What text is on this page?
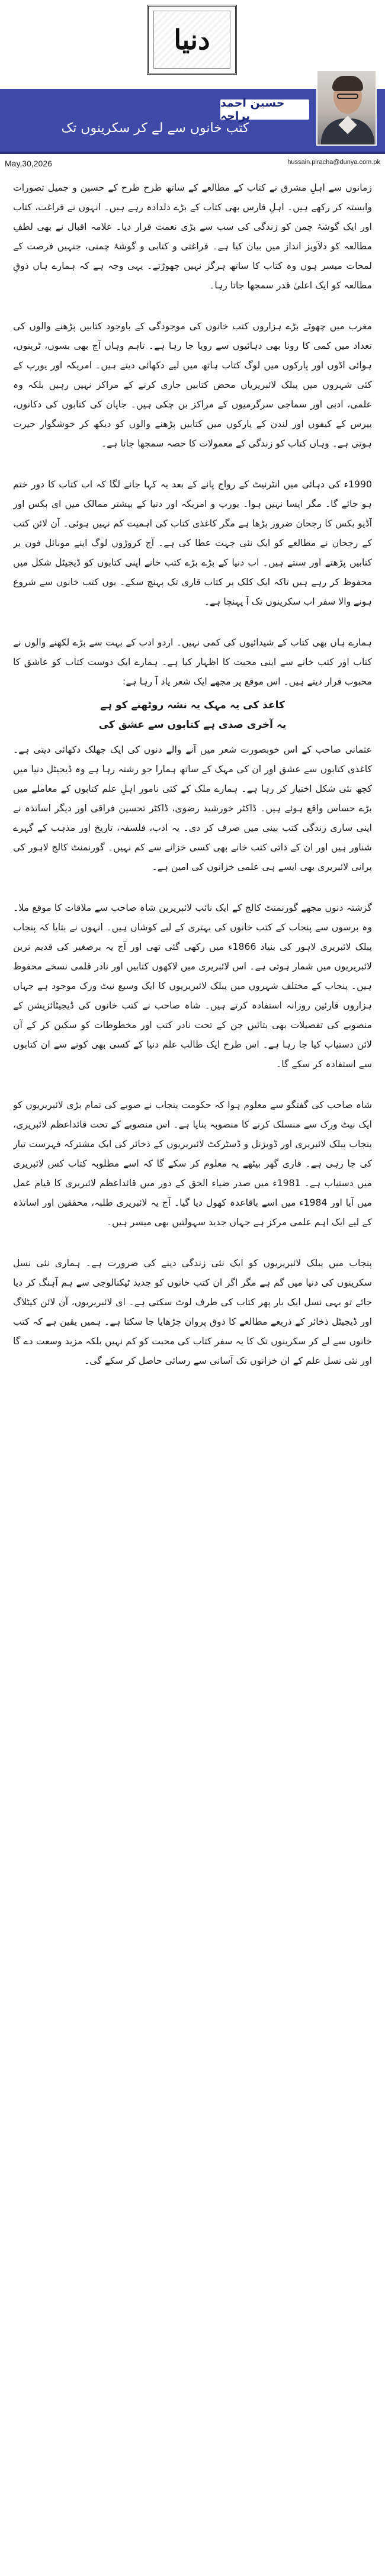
دنیا
حسین احمد پراچہ
کتب خانوں سے لے کر سکرینوں تک
May,30,2026	hussain.piracha@dunya.com.pk

زمانوں سے اہلِ مشرق نے کتاب کے مطالعے کے ساتھ طرح طرح کے حسین و جمیل تصورات وابستہ کر رکھے ہیں۔ اہلِ فارس بھی کتاب کے بڑے دلدادہ رہے ہیں۔ انہوں نے فراغت، کتاب اور ایک گوشۂ چمن کو زندگی کی سب سے بڑی نعمت قرار دیا۔ علامہ اقبال نے بھی لطفِ مطالعہ کو دلآویز انداز میں بیان کیا ہے۔ فراغتی و کتابی و گوشۂ چمنی، جنہیں فرصت کے لمحات میسر ہوں وہ کتاب کا ساتھ ہرگز نہیں چھوڑتے۔ یہی وجہ ہے کہ ہمارے ہاں ذوقِ مطالعہ کو ایک اعلیٰ قدر سمجھا جاتا رہا۔

مغرب میں چھوٹے بڑے ہزاروں کتب خانوں کی موجودگی کے باوجود کتابیں پڑھنے والوں کی تعداد میں کمی کا رونا بھی دہائیوں سے رویا جا رہا ہے۔ تاہم وہاں آج بھی بسوں، ٹرینوں، ہوائی اڈوں اور پارکوں میں لوگ کتاب ہاتھ میں لیے دکھائی دیتے ہیں۔ امریکہ اور یورپ کے کئی شہروں میں پبلک لائبریریاں محض کتابیں جاری کرنے کے مراکز نہیں رہیں بلکہ وہ علمی، ادبی اور سماجی سرگرمیوں کے مراکز بن چکی ہیں۔ جاپان کی کتابوں کی دکانوں، پیرس کے کیفوں اور لندن کے پارکوں میں کتابیں پڑھنے والوں کو دیکھ کر خوشگوار حیرت ہوتی ہے۔ وہاں کتاب کو زندگی کے معمولات کا حصہ سمجھا جاتا ہے۔

1990ء کی دہائی میں انٹرنیٹ کے رواج پانے کے بعد یہ کہا جانے لگا کہ اب کتاب کا دور ختم ہو جائے گا۔ مگر ایسا نہیں ہوا۔ یورپ و امریکہ اور دنیا کے بیشتر ممالک میں ای بکس اور آڈیو بکس کا رجحان ضرور بڑھا ہے مگر کاغذی کتاب کی اہمیت کم نہیں ہوئی۔ آن لائن کتب کے رجحان نے مطالعے کو ایک نئی جہت عطا کی ہے۔ آج کروڑوں لوگ اپنے موبائل فون پر کتابیں پڑھتے اور سنتے ہیں۔ اب دنیا کے بڑے بڑے کتب خانے اپنی کتابوں کو ڈیجیٹل شکل میں محفوظ کر رہے ہیں تاکہ ایک کلک پر کتاب قاری تک پہنچ سکے۔ یوں کتب خانوں سے شروع ہونے والا سفر اب سکرینوں تک آ پہنچا ہے۔

ہمارے ہاں بھی کتاب کے شیدائیوں کی کمی نہیں۔ اردو ادب کے بہت سے بڑے لکھنے والوں نے کتاب اور کتب خانے سے اپنی محبت کا اظہار کیا ہے۔ ہمارے ایک دوست کتاب کو عاشق کا محبوب قرار دیتے ہیں۔ اس موقع پر مجھے ایک شعر یاد آ رہا ہے:

کاغذ کی یہ مہک یہ نشہ روٹھنے کو ہے
یہ آخری صدی ہے کتابوں سے عشق کی

عثمانی صاحب کے اس خوبصورت شعر میں آنے والے دنوں کی ایک جھلک دکھائی دیتی ہے۔ کاغذی کتابوں سے عشق اور ان کی مہک کے ساتھ ہمارا جو رشتہ رہا ہے وہ ڈیجیٹل دنیا میں کچھ نئی شکل اختیار کر رہا ہے۔ ہمارے ملک کے کئی نامور اہلِ علم کتابوں کے معاملے میں بڑے حساس واقع ہوئے ہیں۔ ڈاکٹر خورشید رضوی، ڈاکٹر تحسین فراقی اور دیگر اساتذہ نے اپنی ساری زندگی کتب بینی میں صرف کر دی۔ یہ ادب، فلسفہ، تاریخ اور مذہب کے گہرے شناور ہیں اور ان کے ذاتی کتب خانے بھی کسی خزانے سے کم نہیں۔ گورنمنٹ کالج لاہور کی پرانی لائبریری بھی ایسے ہی علمی خزانوں کی امین ہے۔

گزشتہ دنوں مجھے گورنمنٹ کالج کے ایک نائب لائبریرین شاہ صاحب سے ملاقات کا موقع ملا۔ وہ برسوں سے پنجاب کے کتب خانوں کی بہتری کے لیے کوشاں ہیں۔ انہوں نے بتایا کہ پنجاب پبلک لائبریری لاہور کی بنیاد 1866ء میں رکھی گئی تھی اور آج یہ برصغیر کی قدیم ترین لائبریریوں میں شمار ہوتی ہے۔ اس لائبریری میں لاکھوں کتابیں اور نادر قلمی نسخے محفوظ ہیں۔ پنجاب کے مختلف شہروں میں پبلک لائبریریوں کا ایک وسیع نیٹ ورک موجود ہے جہاں ہزاروں قارئین روزانہ استفادہ کرتے ہیں۔ شاہ صاحب نے کتب خانوں کی ڈیجیٹائزیشن کے منصوبے کی تفصیلات بھی بتائیں جن کے تحت نادر کتب اور مخطوطات کو سکین کر کے آن لائن دستیاب کیا جا رہا ہے۔ اس طرح ایک طالب علم دنیا کے کسی بھی کونے سے ان کتابوں سے استفادہ کر سکے گا۔

شاہ صاحب کی گفتگو سے معلوم ہوا کہ حکومت پنجاب نے صوبے کی تمام بڑی لائبریریوں کو ایک نیٹ ورک سے منسلک کرنے کا منصوبہ بنایا ہے۔ اس منصوبے کے تحت قائداعظم لائبریری، پنجاب پبلک لائبریری اور ڈویژنل و ڈسٹرکٹ لائبریریوں کے ذخائر کی ایک مشترکہ فہرست تیار کی جا رہی ہے۔ قاری گھر بیٹھے یہ معلوم کر سکے گا کہ اسے مطلوبہ کتاب کس لائبریری میں دستیاب ہے۔ 1981ء میں صدر ضیاء الحق کے دور میں قائداعظم لائبریری کا قیام عمل میں آیا اور 1984ء میں اسے باقاعدہ کھول دیا گیا۔ آج یہ لائبریری طلبہ، محققین اور اساتذہ کے لیے ایک اہم علمی مرکز ہے جہاں جدید سہولتیں بھی میسر ہیں۔

پنجاب میں پبلک لائبریریوں کو ایک نئی زندگی دینے کی ضرورت ہے۔ ہماری نئی نسل سکرینوں کی دنیا میں گم ہے مگر اگر ان کتب خانوں کو جدید ٹیکنالوجی سے ہم آہنگ کر دیا جائے تو یہی نسل ایک بار پھر کتاب کی طرف لوٹ سکتی ہے۔ ای لائبریریوں، آن لائن کیٹلاگ اور ڈیجیٹل ذخائر کے ذریعے مطالعے کا ذوق پروان چڑھایا جا سکتا ہے۔ ہمیں یقین ہے کہ کتب خانوں سے لے کر سکرینوں تک کا یہ سفر کتاب کی محبت کو کم نہیں بلکہ مزید وسعت دے گا اور نئی نسل علم کے ان خزانوں تک آسانی سے رسائی حاصل کر سکے گی۔
